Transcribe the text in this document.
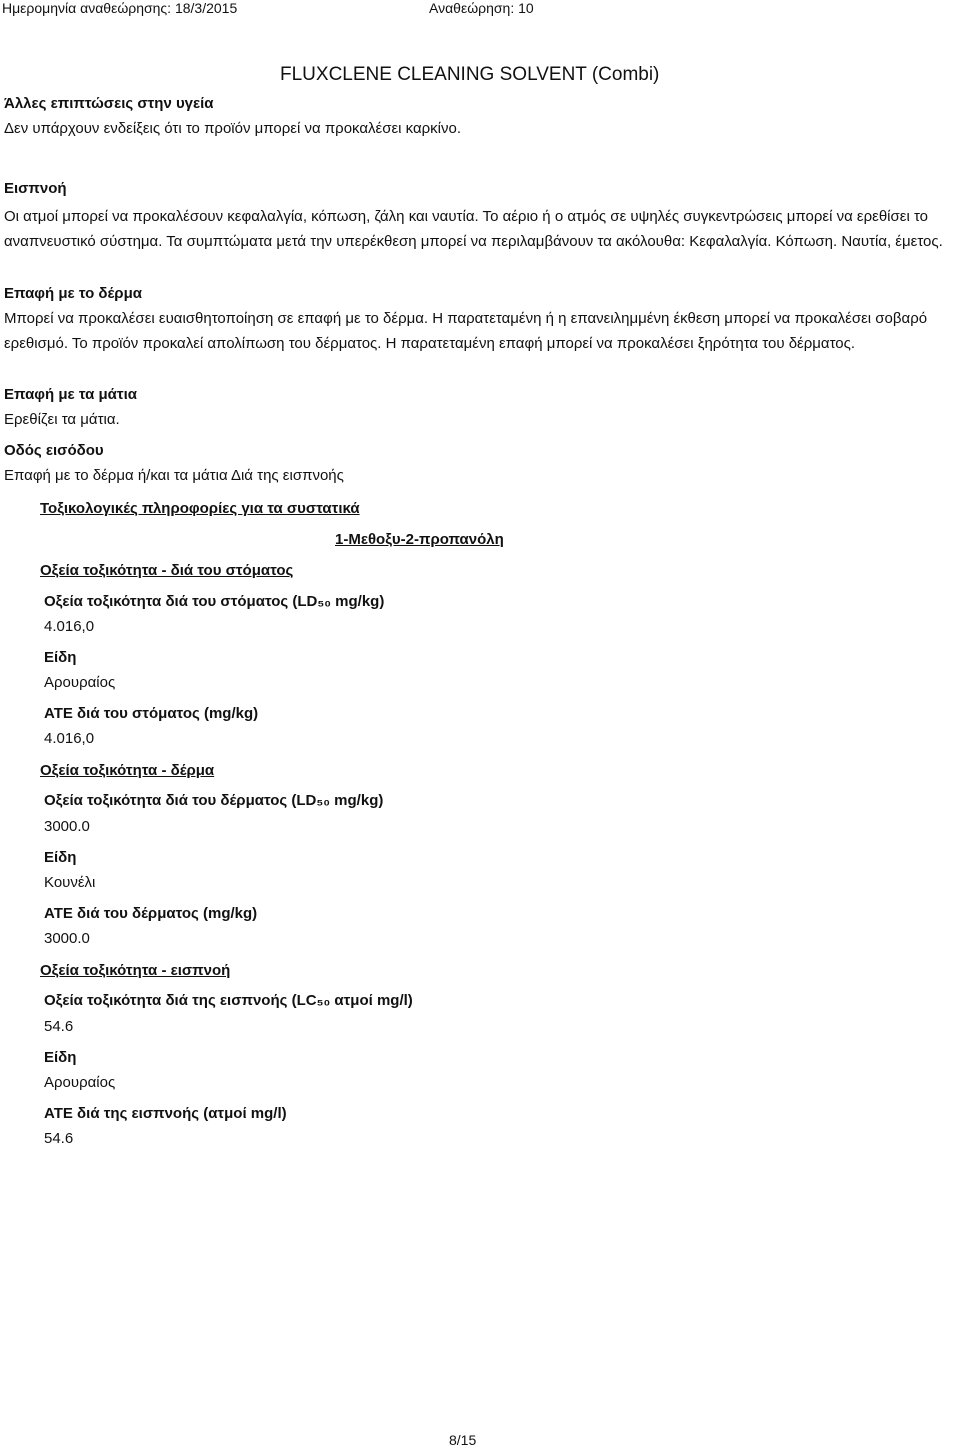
Ημερομηνία αναθεώρησης: 18/3/2015	Αναθεώρηση: 10
FLUXCLENE CLEANING SOLVENT (Combi)
Άλλες επιπτώσεις στην υγεία
Δεν υπάρχουν ενδείξεις ότι το προϊόν μπορεί να προκαλέσει καρκίνο.
Εισπνοή
Οι ατμοί μπορεί να προκαλέσουν κεφαλαλγία, κόπωση, ζάλη και ναυτία. Το αέριο ή ο ατμός σε υψηλές συγκεντρώσεις μπορεί να ερεθίσει το αναπνευστικό σύστημα. Τα συμπτώματα μετά την υπερέκθεση μπορεί να περιλαμβάνουν τα ακόλουθα: Κεφαλαλγία. Κόπωση. Ναυτία, έμετος.
Επαφή με το δέρμα
Μπορεί να προκαλέσει ευαισθητοποίηση σε επαφή με το δέρμα. Η παρατεταμένη ή η επανειλημμένη έκθεση μπορεί να προκαλέσει σοβαρό ερεθισμό. Το προϊόν προκαλεί απολίπωση του δέρματος. Η παρατεταμένη επαφή μπορεί να προκαλέσει ξηρότητα του δέρματος.
Επαφή με τα μάτια
Ερεθίζει τα μάτια.
Οδός εισόδου
Επαφή με το δέρμα ή/και τα μάτια Διά της εισπνοής
Τοξικολογικές πληροφορίες για τα συστατικά
1-Μεθοξυ-2-προπανόλη
Οξεία τοξικότητα - διά του στόματος
Οξεία τοξικότητα διά του στόματος (LD₅₀ mg/kg)
4.016,0
Είδη
Αρουραίος
ATE διά του στόματος (mg/kg)
4.016,0
Οξεία τοξικότητα - δέρμα
Οξεία τοξικότητα διά του δέρματος (LD₅₀ mg/kg)
3000.0
Είδη
Κουνέλι
ATE διά του δέρματος (mg/kg)
3000.0
Οξεία τοξικότητα - εισπνοή
Οξεία τοξικότητα διά της εισπνοής (LC₅₀ ατμοί mg/l)
54.6
Είδη
Αρουραίος
ATE διά της εισπνοής (ατμοί mg/l)
54.6
8/15
